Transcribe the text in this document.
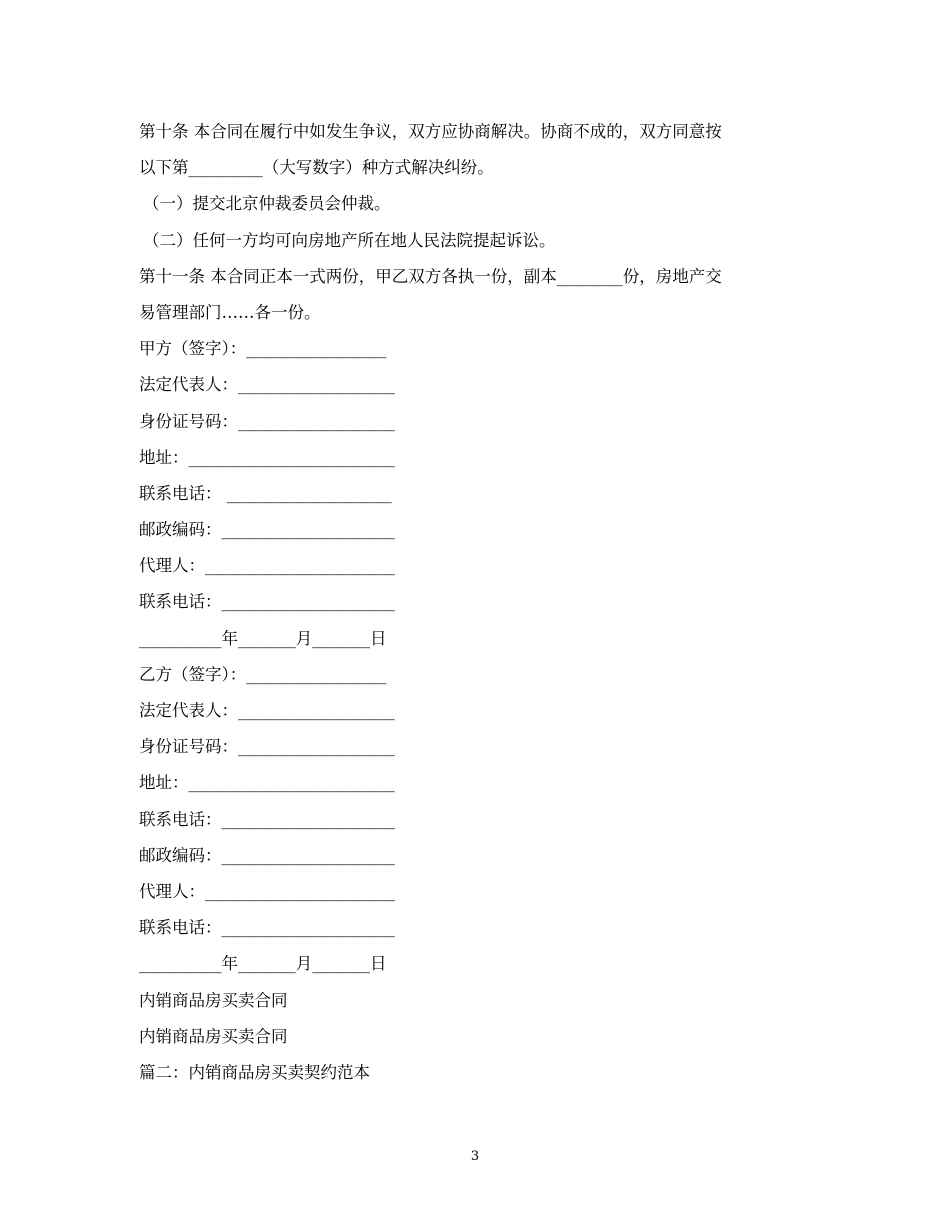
第十条 本合同在履行中如发生争议，双方应协商解决。协商不成的，双方同意按
以下第_________（大写数字）种方式解决纠纷。
（一）提交北京仲裁委员会仲裁。
（二）任何一方均可向房地产所在地人民法院提起诉讼。
第十一条 本合同正本一式两份，甲乙双方各执一份，副本________份，房地产交
易管理部门……各一份。
甲方（签字）：_________________
法定代表人：___________________
身份证号码：___________________
地址：_________________________
联系电话： ____________________
邮政编码：_____________________
代理人：_______________________
联系电话：_____________________
__________年_______月_______日
乙方（签字）：_________________
法定代表人：___________________
身份证号码：___________________
地址：_________________________
联系电话：_____________________
邮政编码：_____________________
代理人：_______________________
联系电话：_____________________
__________年_______月_______日
内销商品房买卖合同
内销商品房买卖合同
篇二：内销商品房买卖契约范本
3
